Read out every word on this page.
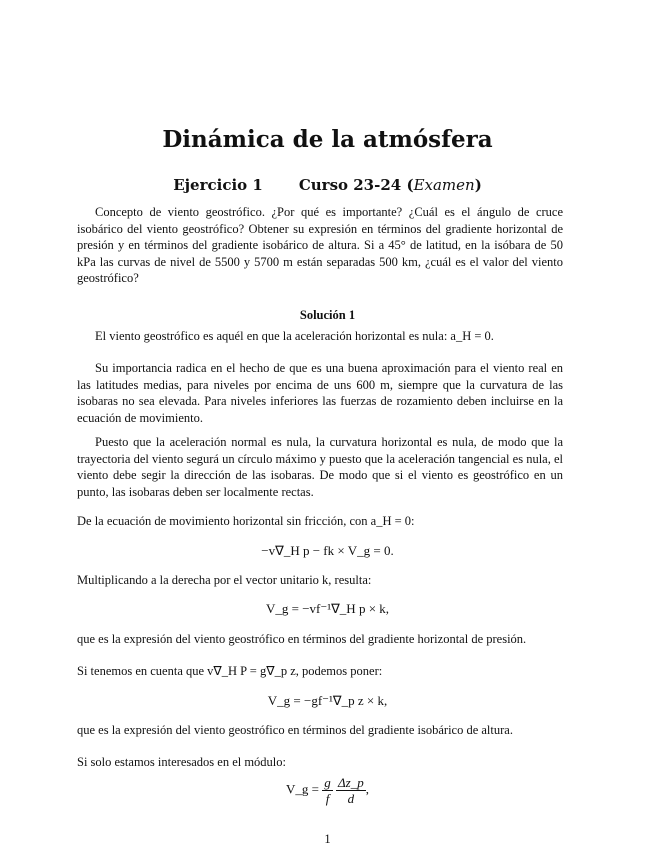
Dinámica de la atmósfera
Ejercicio 1 Curso 23-24 (Examen)

Concepto de viento geostrófico. ¿Por qué es importante? ¿Cuál es el ángulo de cruce isobárico del viento geostrófico? Obtener su expresión en términos del gradiente horizontal de presión y en términos del gradiente isobárico de altura. Si a 45° de latitud, en la isóbara de 50 kPa las curvas de nivel de 5500 y 5700 m están separadas 500 km, ¿cuál es el valor del viento geostrófico?

Solución 1

El viento geostrófico es aquél en que la aceleración horizontal es nula: a_H = 0.

Su importancia radica en el hecho de que es una buena aproximación para el viento real en las latitudes medias, para niveles por encima de uns 600 m, siempre que la curvatura de las isobaras no sea elevada. Para niveles inferiores las fuerzas de rozamiento deben incluirse en la ecuación de movimiento.

Puesto que la aceleración normal es nula, la curvatura horizontal es nula, de modo que la trayectoria del viento segurá un círculo máximo y puesto que la aceleración tangencial es nula, el viento debe segir la dirección de las isobaras. De modo que si el viento es geostrófico en un punto, las isobaras deben ser localmente rectas.

De la ecuación de movimiento horizontal sin fricción, con a_H = 0:

−v∇_H p − fk × V_g = 0.

Multiplicando a la derecha por el vector unitario k, resulta:

V_g = −vf⁻¹∇_H p × k,

que es la expresión del viento geostrófico en términos del gradiente horizontal de presión.

Si tenemos en cuenta que v∇_H P = g∇_p z, podemos poner:

V_g = −gf⁻¹∇_p z × k,

que es la expresión del viento geostrófico en términos del gradiente isobárico de altura.

Si solo estamos interesados en el módulo:

V_g = $\frac{g}{f}$
$\frac{\Delta z\_p}{d}$ ,
1
